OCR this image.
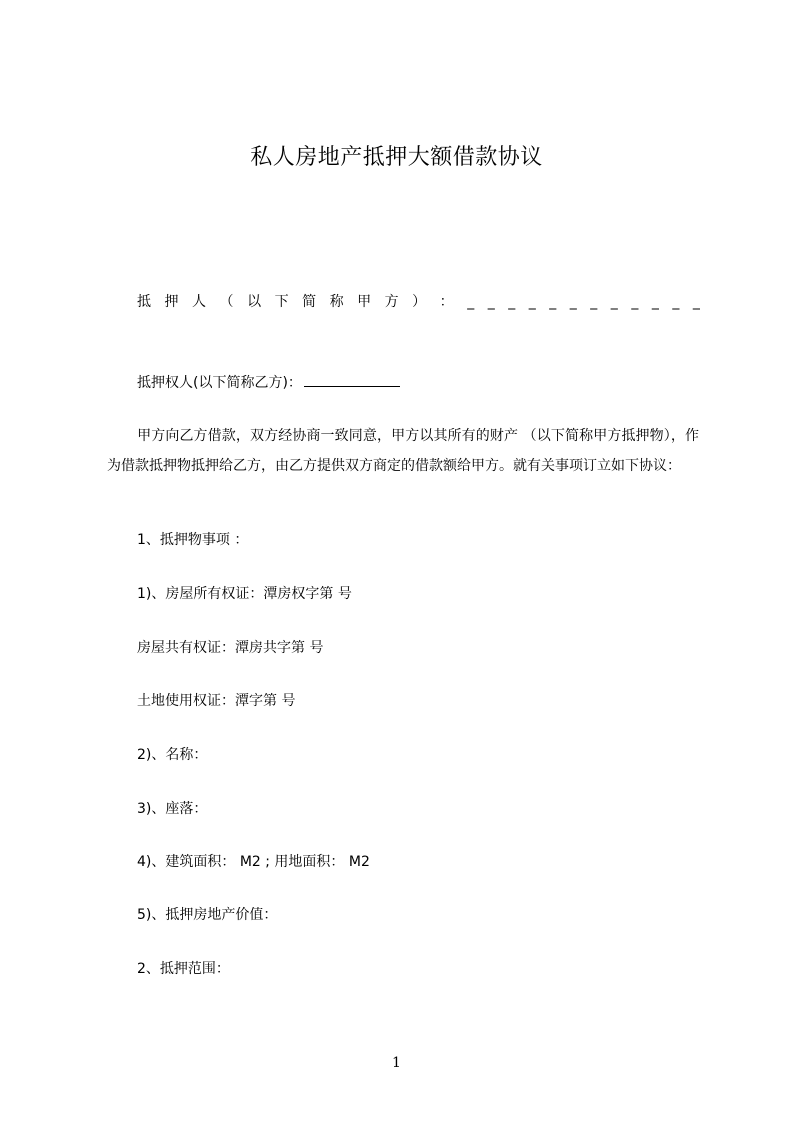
私人房地产抵押大额借款协议
抵 押 人 （ 以 下 简 称 甲 方 ） ： _ _ _ _ _ _ _ _ _ _ _ _
抵押权人(以下简称乙方)：
甲方向乙方借款，双方经协商一致同意，甲方以其所有的财产 （以下简称甲方抵押物），作为借款抵押物抵押给乙方，由乙方提供双方商定的借款额给甲方。就有关事项订立如下协议：
1、抵押物事项 ：
1)、房屋所有权证：潭房权字第 号
房屋共有权证：潭房共字第 号
土地使用权证：潭字第 号
2)、名称：
3)、座落：
4)、建筑面积： M2 ; 用地面积： M2
5)、抵押房地产价值：
2、抵押范围：
1
